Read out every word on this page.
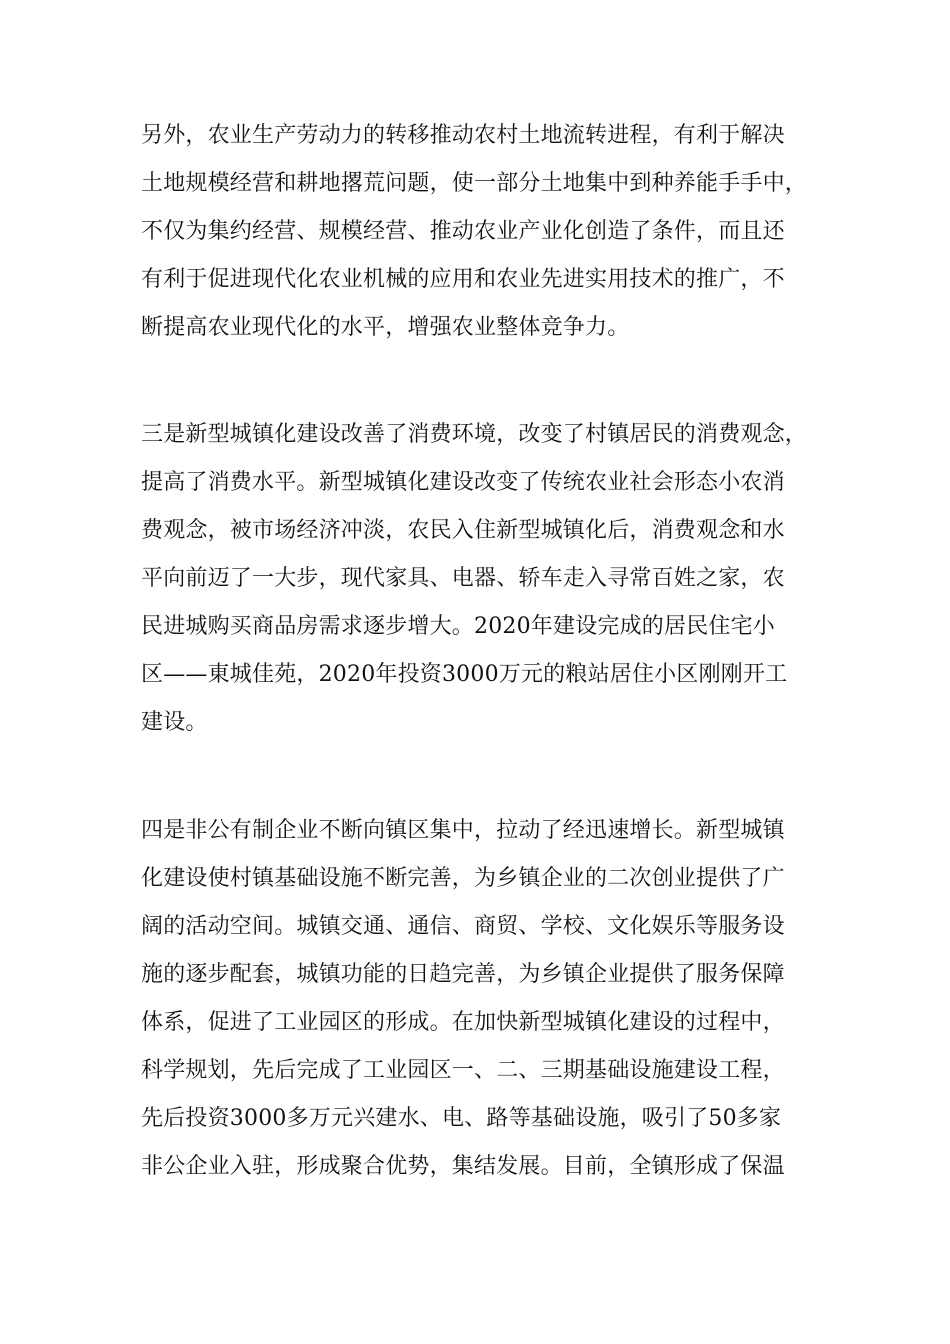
另外，农业生产劳动力的转移推动农村土地流转进程，有利于解决
土地规模经营和耕地撂荒问题，使一部分土地集中到种养能手手中，
不仅为集约经营、规模经营、推动农业产业化创造了条件，而且还
有利于促进现代化农业机械的应用和农业先进实用技术的推广，不
断提高农业现代化的水平，增强农业整体竞争力。
三是新型城镇化建设改善了消费环境，改变了村镇居民的消费观念，
提高了消费水平。新型城镇化建设改变了传统农业社会形态小农消
费观念，被市场经济冲淡，农民入住新型城镇化后，消费观念和水
平向前迈了一大步，现代家具、电器、轿车走入寻常百姓之家，农
民进城购买商品房需求逐步增大。2020年建设完成的居民住宅小
区——東城佳苑，2020年投资3000万元的粮站居住小区刚刚开工
建设。
四是非公有制企业不断向镇区集中，拉动了经迅速增长。新型城镇
化建设使村镇基础设施不断完善，为乡镇企业的二次创业提供了广
阔的活动空间。城镇交通、通信、商贸、学校、文化娱乐等服务设
施的逐步配套，城镇功能的日趋完善，为乡镇企业提供了服务保障
体系，促进了工业园区的形成。在加快新型城镇化建设的过程中，
科学规划，先后完成了工业园区一、二、三期基础设施建设工程，
先后投资3000多万元兴建水、电、路等基础设施，吸引了50多家
非公企业入驻，形成聚合优势，集结发展。目前，全镇形成了保温
